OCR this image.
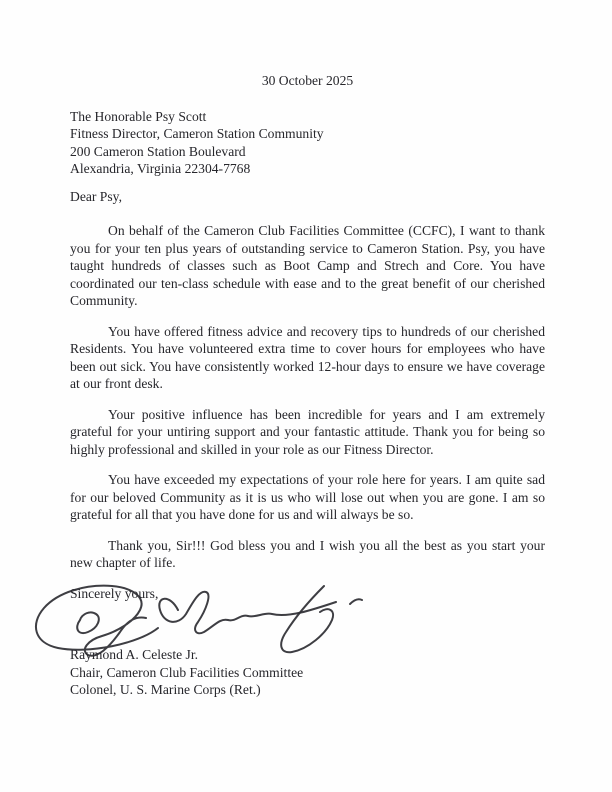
30 October 2025

The Honorable Psy Scott

Fitness Director, Cameron Station Community

200 Cameron Station Boulevard

Alexandria, Virginia 22304-7768

Dear Psy,

On behalf of the Cameron Club Facilities Committee (CCFC), I want to thank you for your ten plus years of outstanding service to Cameron Station. Psy, you have taught hundreds of classes such as Boot Camp and Strech and Core. You have coordinated our ten-class schedule with ease and to the great benefit of our cherished Community.

You have offered fitness advice and recovery tips to hundreds of our cherished Residents. You have volunteered extra time to cover hours for employees who have been out sick. You have consistently worked 12-hour days to ensure we have coverage at our front desk.

Your positive influence has been incredible for years and I am extremely grateful for your untiring support and your fantastic attitude. Thank you for being so highly professional and skilled in your role as our Fitness Director.

You have exceeded my expectations of your role here for years. I am quite sad for our beloved Community as it is us who will lose out when you are gone. I am so grateful for all that you have done for us and will always be so.

Thank you, Sir!!! God bless you and I wish you all the best as you start your new chapter of life.

Sincerely yours,

Raymond A. Celeste Jr.

Chair, Cameron Club Facilities Committee

Colonel, U. S. Marine Corps (Ret.)
